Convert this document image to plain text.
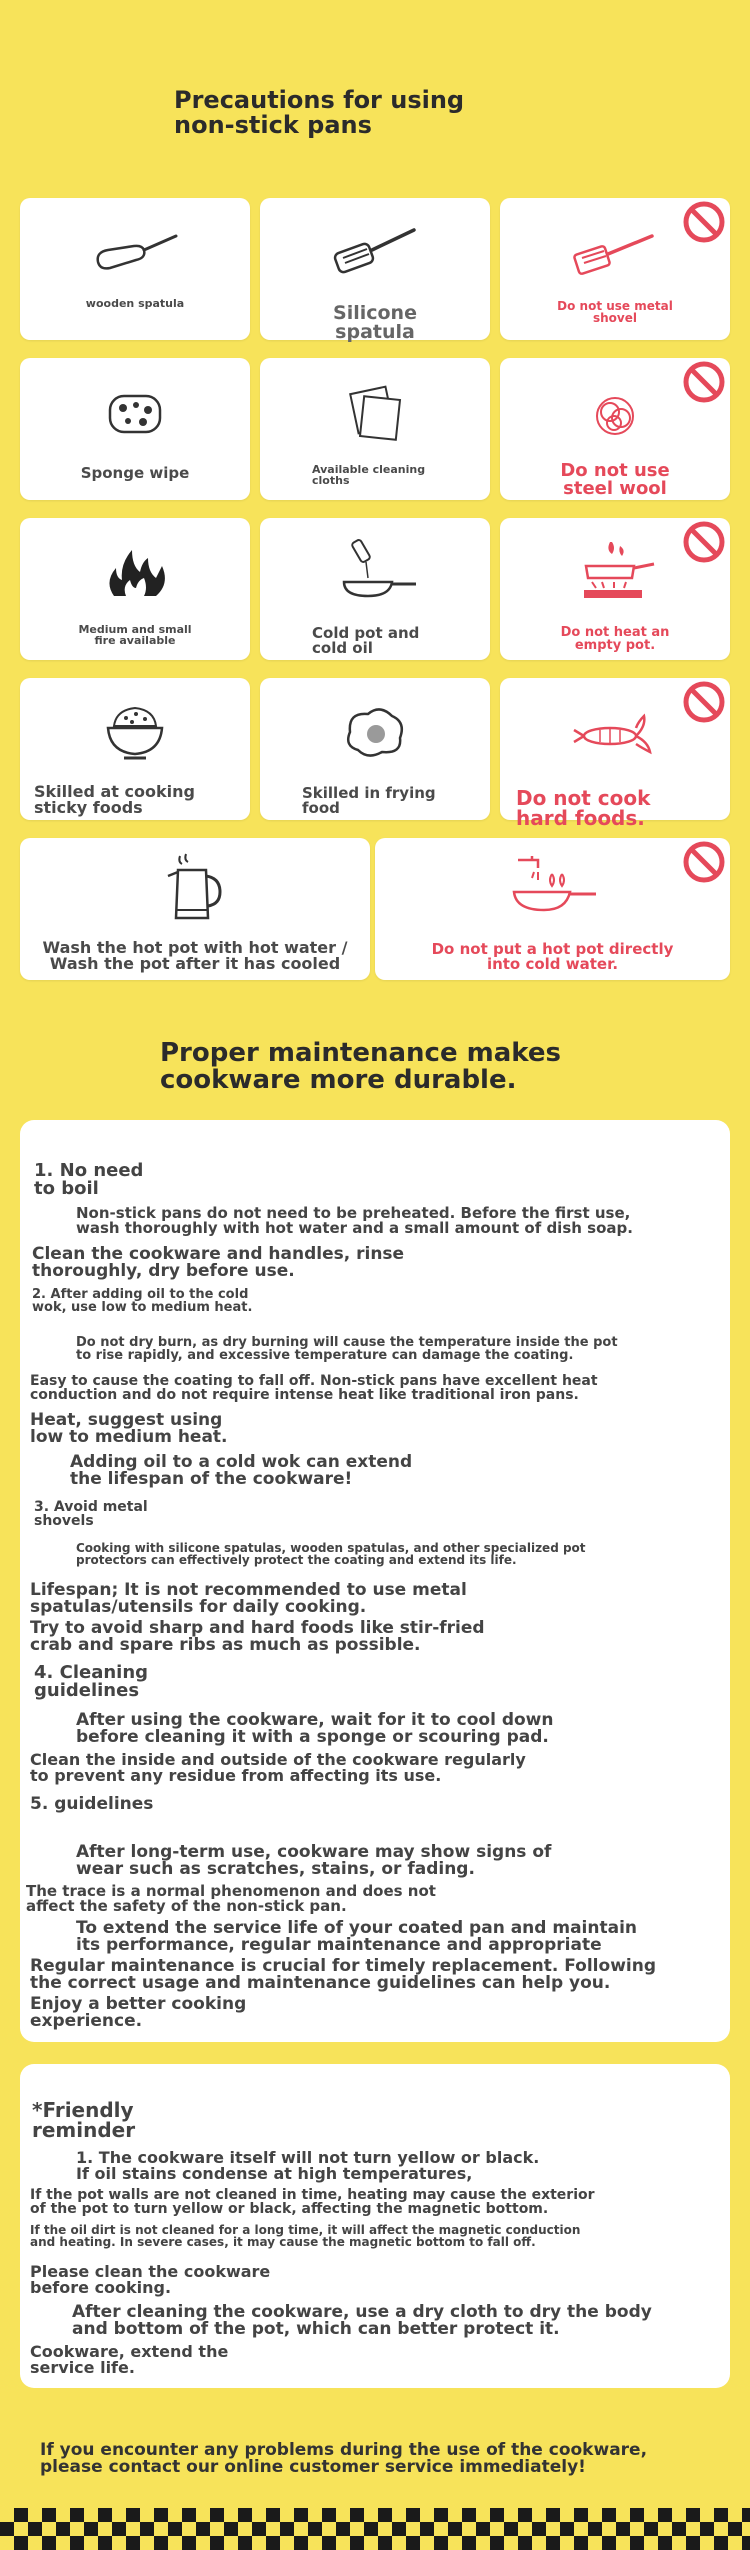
Precautions for using
non-stick pans
wooden spatula	Silicone
spatula
Do not use metal
shovel
Sponge wipe	Available cleaning
cloths	Do not use
steel wool
Medium and small
fire available	Cold pot and
cold oil
Do not heat an
empty pot.
Skilled at cooking
sticky foods
Skilled in frying
food	Do not cook
hard foods.
Wash the hot pot with hot water /
Wash the pot after it has cooled
Do not put a hot pot directly
into cold water.
Proper maintenance makes
cookware more durable.
1. No need
to boil
Non-stick pans do not need to be preheated. Before the first use,
wash thoroughly with hot water and a small amount of dish soap.
Clean the cookware and handles, rinse
thoroughly, dry before use.
2. After adding oil to the cold
wok, use low to medium heat.
Do not dry burn, as dry burning will cause the temperature inside the pot
to rise rapidly, and excessive temperature can damage the coating.
Easy to cause the coating to fall off. Non-stick pans have excellent heat
conduction and do not require intense heat like traditional iron pans.
Heat, suggest using
low to medium heat.
Adding oil to a cold wok can extend
the lifespan of the cookware!
3. Avoid metal
shovels
Cooking with silicone spatulas, wooden spatulas, and other specialized pot
protectors can effectively protect the coating and extend its life.
Lifespan; It is not recommended to use metal
spatulas/utensils for daily cooking.
Try to avoid sharp and hard foods like stir-fried
crab and spare ribs as much as possible.
4. Cleaning
guidelines
After using the cookware, wait for it to cool down
before cleaning it with a sponge or scouring pad.
Clean the inside and outside of the cookware regularly
to prevent any residue from affecting its use.
5. guidelines
After long-term use, cookware may show signs of
wear such as scratches, stains, or fading.
The trace is a normal phenomenon and does not
affect the safety of the non-stick pan.
To extend the service life of your coated pan and maintain
its performance, regular maintenance and appropriate
Regular maintenance is crucial for timely replacement. Following
the correct usage and maintenance guidelines can help you.
Enjoy a better cooking
experience.
*Friendly
reminder
1. The cookware itself will not turn yellow or black.
If oil stains condense at high temperatures,
If the pot walls are not cleaned in time, heating may cause the exterior
of the pot to turn yellow or black, affecting the magnetic bottom.
If the oil dirt is not cleaned for a long time, it will affect the magnetic conduction
and heating. In severe cases, it may cause the magnetic bottom to fall off.
Please clean the cookware
before cooking.
After cleaning the cookware, use a dry cloth to dry the body
and bottom of the pot, which can better protect it.
Cookware, extend the
service life.
If you encounter any problems during the use of the cookware,
please contact our online customer service immediately!
